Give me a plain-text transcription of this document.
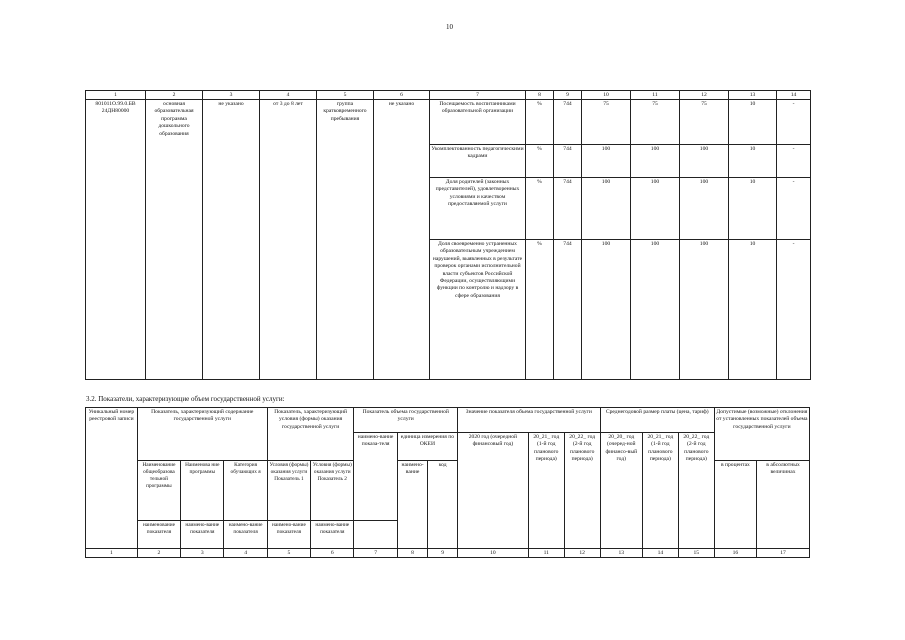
10
1	2	3	4	5	6	7	8	9	10	11	12	13	14
801011О.99.0.БВ 24ДН80000	основная образовательная программа дошкольного образования	не указано	от 3 до 8 лет	группа кратковременного пребывания	не указано	Посещаемость воспитанниками образовательной организации	%	744	75	75	75	10	-
						Укомплектованность педагогическими кадрами	%	744	100	100	100	10	-
						Доля родителей (законных представителей), удовлетворенных условиями и качеством предоставляемой услуги	%	744	100	100	100	10	-
						Доля своевременно устраненных образовательным учреждением нарушений, выявленных в результате проверок органами исполнительной власти субъектов Российской Федерации, осуществляющими функции по контролю и надзору в сфере образования	%	744	100	100	100	10	-
3.2. Показатели, характеризующие объем государственной услуги:
Уникальный номер реестровой записи	Показатель, характеризующий содержание государственной услуги			Показатель, характеризующий условия (формы) оказания государственной услуги		Показатель объема государственной услуги			Значение показателя объема государственной услуги			Среднегодовой размер платы (цена, тариф)			Допустимые (возможные) отклонения от установленных показателей объема государственной услуги	
						наимено-вание показа-теля	единица измерения по ОКЕИ		2020 год (очередной финансовый год)	20_21_ год (1-й год планового периода)	20_22_ год (2-й год планового периода)	20_20_ год (очеред-ной финансо-вый год)	20_21_ год (1-й год планового периода)	20_22_ год (2-й год планового периода)		
	Наименование общеобразова тельной программы	Наименова ние программы	Категория обучающих я	Условия (формы) оказания услуги Показатель 1	Условия (формы) оказания услуги Показатель 2		наимено-вание	код							в процентах	в абсолютных величинах
	наименование показателя	наимено-вание показателя	наимено-вание показателя	наимено-вание показателя	наимено-вание показателя											
1	2	3	4	5	6	7	8	9	10	11	12	13	14	15	16	17
